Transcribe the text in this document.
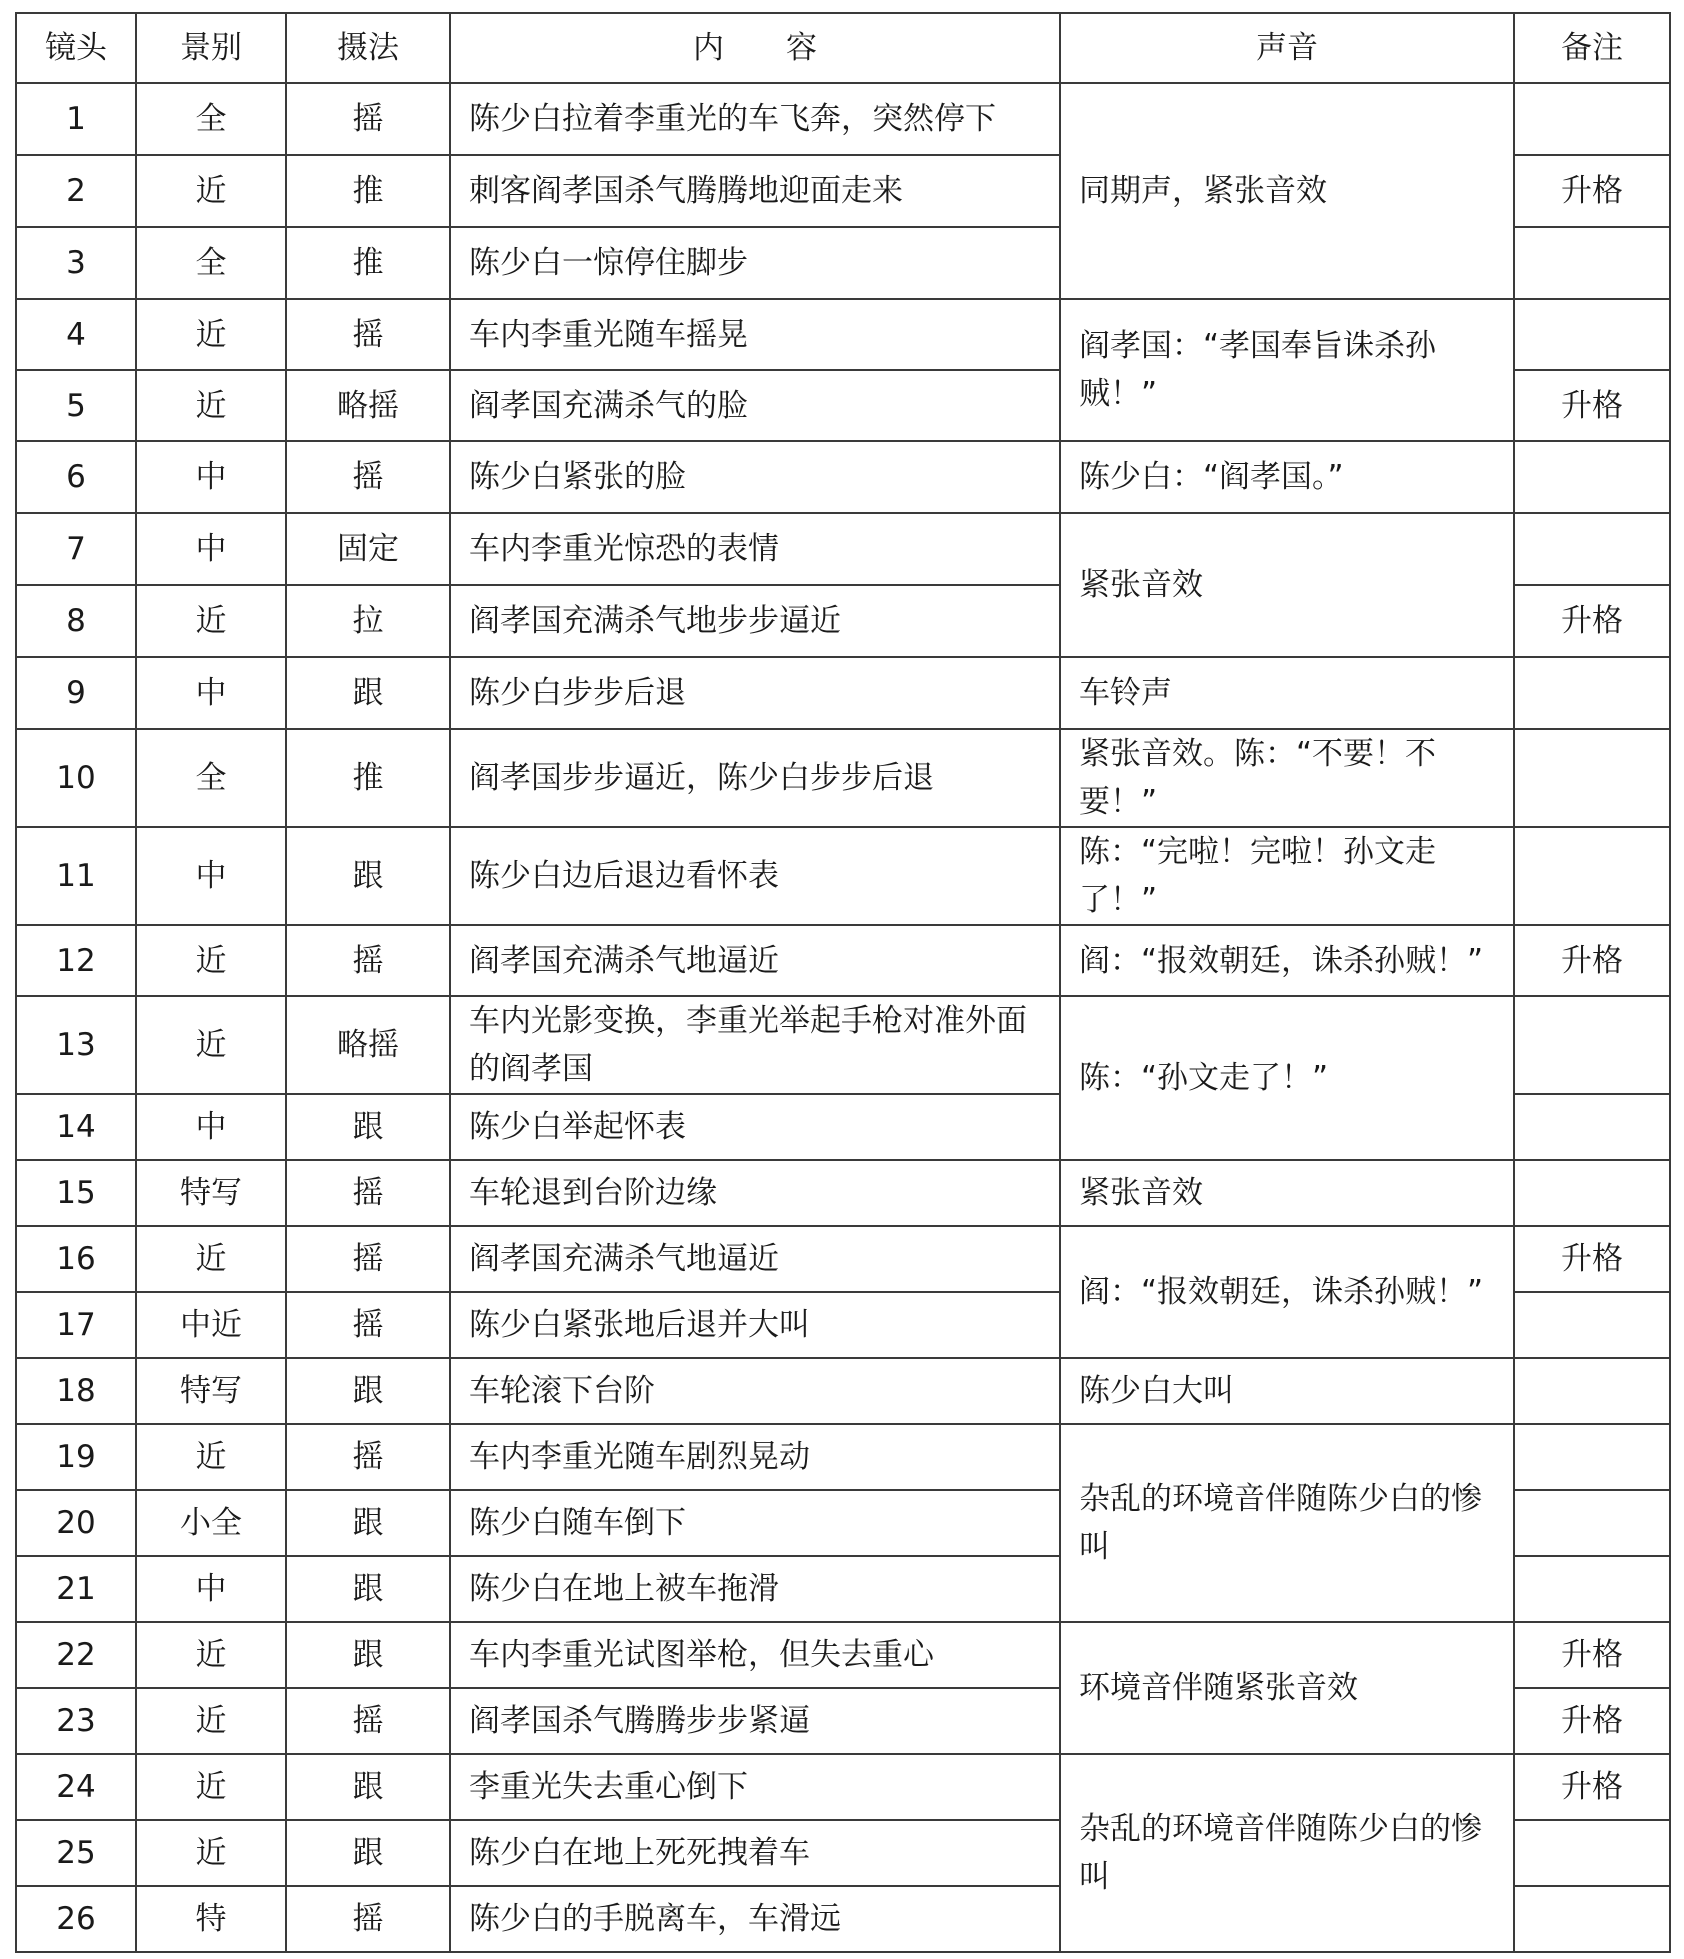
镜头	景别	摄法	内　　容	声音	备注
1	全	摇	陈少白拉着李重光的车飞奔，突然停下	同期声，紧张音效	
2	近	推	刺客阎孝国杀气腾腾地迎面走来		升格
3	全	推	陈少白一惊停住脚步		
4	近	摇	车内李重光随车摇晃	阎孝国：“孝国奉旨诛杀孙贼！”	
5	近	略摇	阎孝国充满杀气的脸		升格
6	中	摇	陈少白紧张的脸	陈少白：“阎孝国。”	
7	中	固定	车内李重光惊恐的表情	紧张音效	
8	近	拉	阎孝国充满杀气地步步逼近		升格
9	中	跟	陈少白步步后退	车铃声	
10	全	推	阎孝国步步逼近，陈少白步步后退	紧张音效。陈：“不要！不要！”	
11	中	跟	陈少白边后退边看怀表	陈：“完啦！完啦！孙文走了！”	
12	近	摇	阎孝国充满杀气地逼近	阎：“报效朝廷，诛杀孙贼！”	升格
13	近	略摇	车内光影变换，李重光举起手枪对准外面的阎孝国	陈：“孙文走了！”	
14	中	跟	陈少白举起怀表		
15	特写	摇	车轮退到台阶边缘	紧张音效	
16	近	摇	阎孝国充满杀气地逼近	阎：“报效朝廷，诛杀孙贼！”	升格
17	中近	摇	陈少白紧张地后退并大叫		
18	特写	跟	车轮滚下台阶	陈少白大叫	
19	近	摇	车内李重光随车剧烈晃动	杂乱的环境音伴随陈少白的惨叫	
20	小全	跟	陈少白随车倒下		
21	中	跟	陈少白在地上被车拖滑		
22	近	跟	车内李重光试图举枪，但失去重心	环境音伴随紧张音效	升格
23	近	摇	阎孝国杀气腾腾步步紧逼		升格
24	近	跟	李重光失去重心倒下	杂乱的环境音伴随陈少白的惨叫	升格
25	近	跟	陈少白在地上死死拽着车		
26	特	摇	陈少白的手脱离车，车滑远		
